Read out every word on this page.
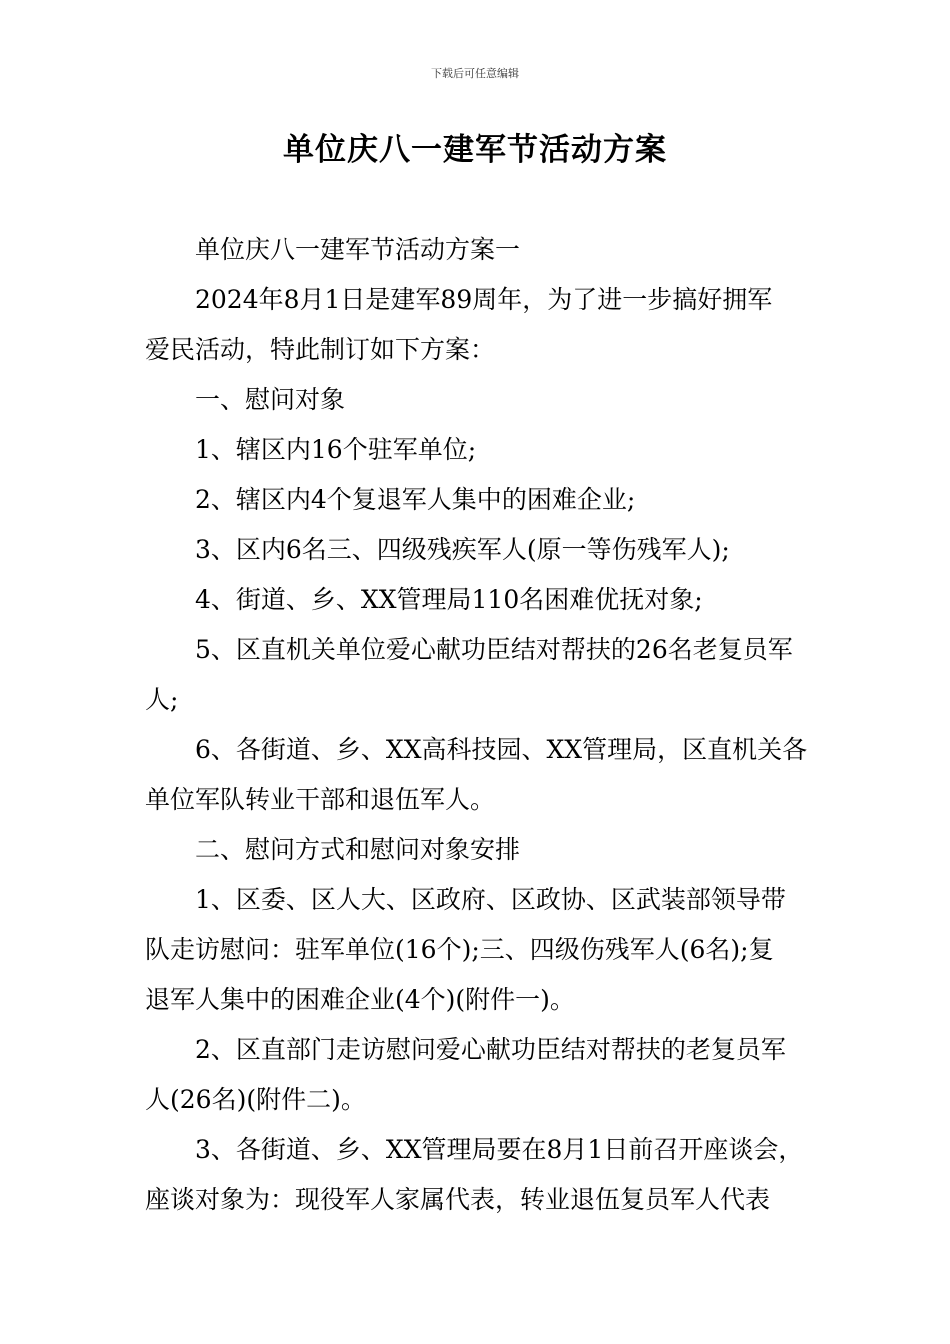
下载后可任意编辑
单位庆八一建军节活动方案

单位庆八一建军节活动方案一

2024年8月1日是建军89周年，为了进一步搞好拥军

爱民活动，特此制订如下方案：

一、慰问对象

1、辖区内16个驻军单位;

2、辖区内4个复退军人集中的困难企业;

3、区内6名三、四级残疾军人(原一等伤残军人);

4、街道、乡、XX管理局110名困难优抚对象;

5、区直机关单位爱心献功臣结对帮扶的26名老复员军

人;

6、各街道、乡、XX高科技园、XX管理局，区直机关各

单位军队转业干部和退伍军人。

二、慰问方式和慰问对象安排

1、区委、区人大、区政府、区政协、区武装部领导带

队走访慰问：驻军单位(16个);三、四级伤残军人(6名);复

退军人集中的困难企业(4个)(附件一)。

2、区直部门走访慰问爱心献功臣结对帮扶的老复员军

人(26名)(附件二)。

3、各街道、乡、XX管理局要在8月1日前召开座谈会，

座谈对象为：现役军人家属代表，转业退伍复员军人代表
